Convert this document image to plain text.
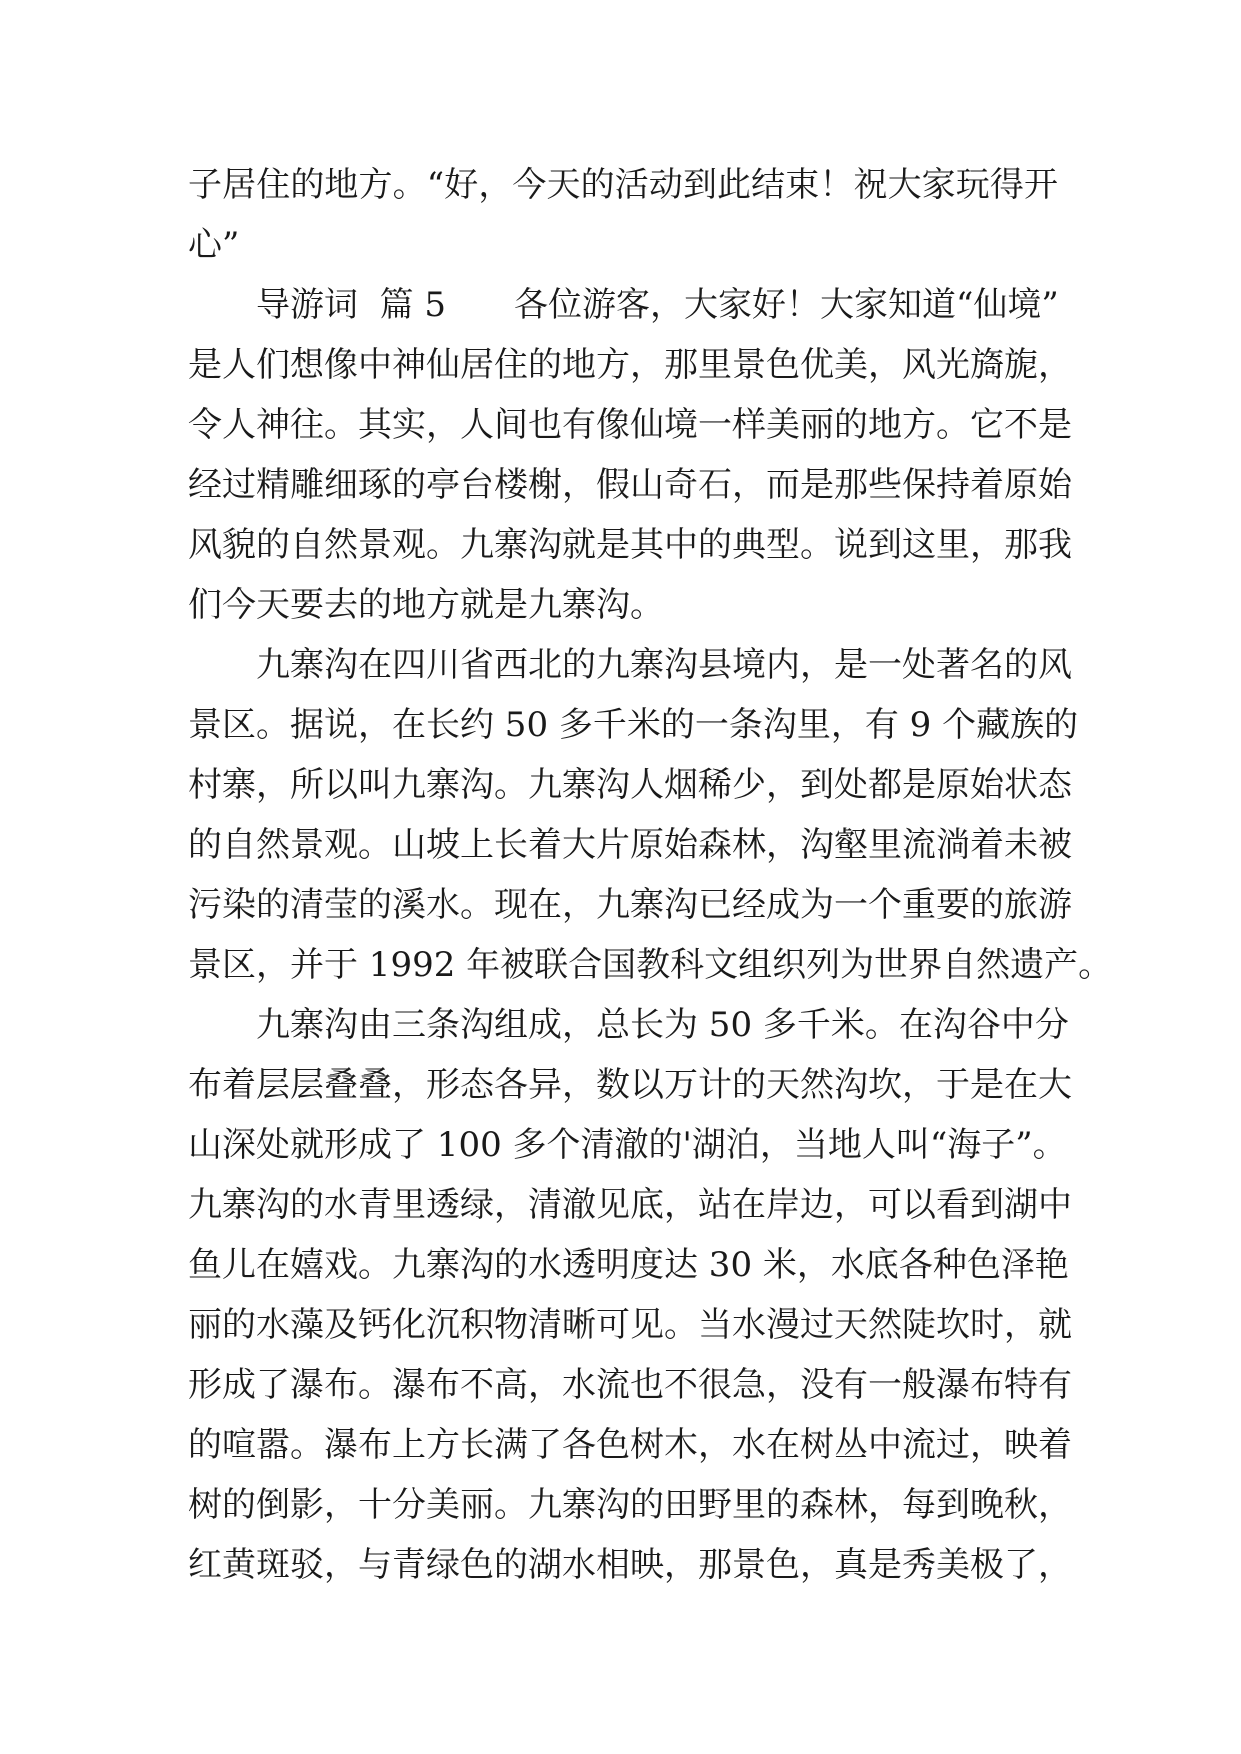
子居住的地方。“好，今天的活动到此结束！祝大家玩得开
心”
　　导游词  篇 5　　各位游客，大家好！大家知道“仙境”
是人们想像中神仙居住的地方，那里景色优美，风光旖旎，
令人神往。其实，人间也有像仙境一样美丽的地方。它不是
经过精雕细琢的亭台楼榭，假山奇石，而是那些保持着原始
风貌的自然景观。九寨沟就是其中的典型。说到这里，那我
们今天要去的地方就是九寨沟。
　　九寨沟在四川省西北的九寨沟县境内，是一处著名的风
景区。据说，在长约 50 多千米的一条沟里，有 9 个藏族的
村寨，所以叫九寨沟。九寨沟人烟稀少，到处都是原始状态
的自然景观。山坡上长着大片原始森林，沟壑里流淌着未被
污染的清莹的溪水。现在，九寨沟已经成为一个重要的旅游
景区，并于 1992 年被联合国教科文组织列为世界自然遗产。
　　九寨沟由三条沟组成，总长为 50 多千米。在沟谷中分
布着层层叠叠，形态各异，数以万计的天然沟坎，于是在大
山深处就形成了 100 多个清澈的'湖泊，当地人叫“海子”。
九寨沟的水青里透绿，清澈见底，站在岸边，可以看到湖中
鱼儿在嬉戏。九寨沟的水透明度达 30 米，水底各种色泽艳
丽的水藻及钙化沉积物清晰可见。当水漫过天然陡坎时，就
形成了瀑布。瀑布不高，水流也不很急，没有一般瀑布特有
的喧嚣。瀑布上方长满了各色树木，水在树丛中流过，映着
树的倒影，十分美丽。九寨沟的田野里的森林，每到晚秋，
红黄斑驳，与青绿色的湖水相映，那景色，真是秀美极了，
